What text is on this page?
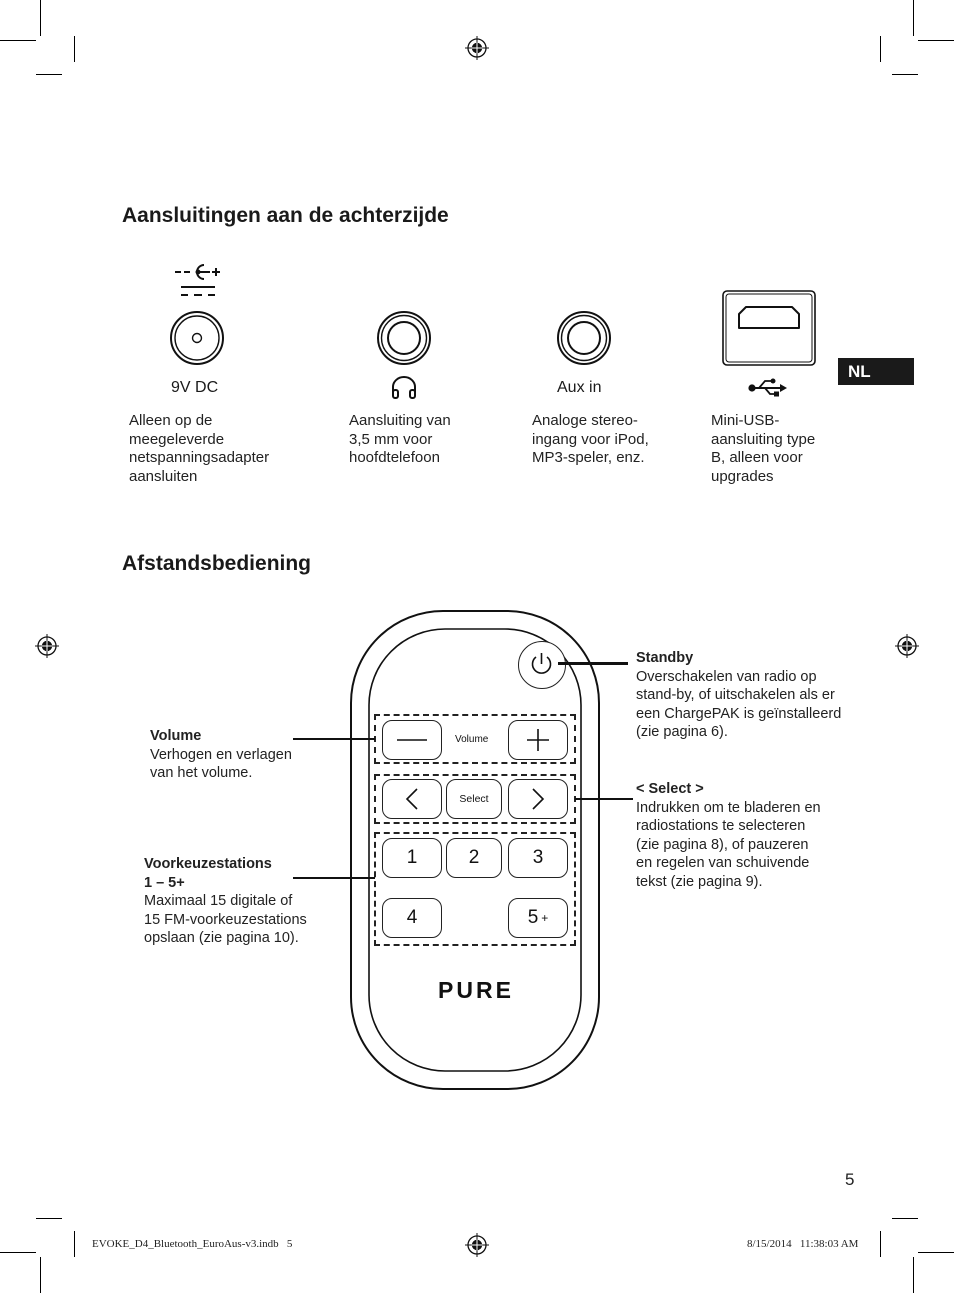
Aansluitingen aan de achterzijde
NL
9V DC
Alleen op de
meegeleverde
netspanningsadapter
aansluiten
Aansluiting van
3,5 mm voor
hoofdtelefoon
Aux in
Analoge stereo-
ingang voor iPod,
MP3-speler, enz.
Mini-USB-
aansluiting type
B, alleen voor
upgrades
Afstandsbediening
Volume
Select
1	2	3
4	5 +
PURE
Standby
Overschakelen van radio op
stand-by, of uitschakelen als er
een ChargePAK is geïnstalleerd
(zie pagina 6).
< Select >
Indrukken om te bladeren en
radiostations te selecteren
(zie pagina 8), of pauzeren
en regelen van schuivende
tekst (zie pagina 9).
Volume
Verhogen en verlagen
van het volume.
Voorkeuzestations
1 – 5+
Maximaal 15 digitale of
15 FM-voorkeuzestations
opslaan (zie pagina 10).
5
EVOKE_D4_Bluetooth_EuroAus-v3.indb   5	8/15/2014   11:38:03 AM
